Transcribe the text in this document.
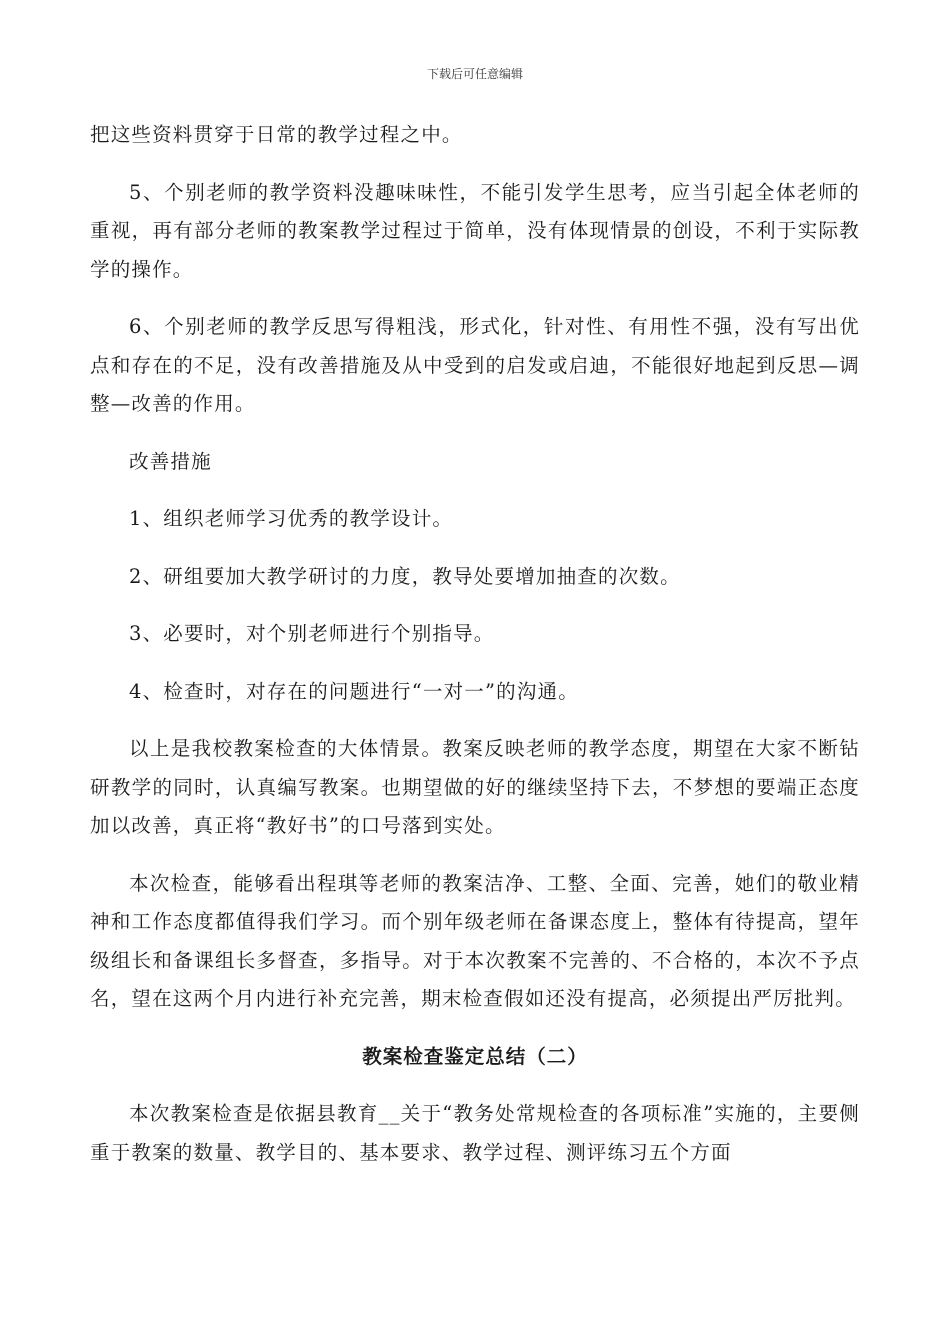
下载后可任意编辑

把这些资料贯穿于日常的教学过程之中。

5、个别老师的教学资料没趣味味性，不能引发学生思考，应当引起全体老师的重视，再有部分老师的教案教学过程过于简单，没有体现情景的创设，不利于实际教学的操作。

6、个别老师的教学反思写得粗浅，形式化，针对性、有用性不强，没有写出优点和存在的不足，没有改善措施及从中受到的启发或启迪，不能很好地起到反思—调整—改善的作用。

改善措施

1、组织老师学习优秀的教学设计。

2、研组要加大教学研讨的力度，教导处要增加抽查的次数。

3、必要时，对个别老师进行个别指导。

4、检查时，对存在的问题进行“一对一”的沟通。

以上是我校教案检查的大体情景。教案反映老师的教学态度，期望在大家不断钻研教学的同时，认真编写教案。也期望做的好的继续坚持下去，不梦想的要端正态度加以改善，真正将“教好书”的口号落到实处。

本次检查，能够看出程琪等老师的教案洁净、工整、全面、完善，她们的敬业精神和工作态度都值得我们学习。而个别年级老师在备课态度上，整体有待提高，望年级组长和备课组长多督查，多指导。对于本次教案不完善的、不合格的，本次不予点名，望在这两个月内进行补充完善，期末检查假如还没有提高，必须提出严厉批判。

教案检查鉴定总结（二）

本次教案检查是依据县教育__关于“教务处常规检查的各项标准”实施的，主要侧重于教案的数量、教学目的、基本要求、教学过程、测评练习五个方面
